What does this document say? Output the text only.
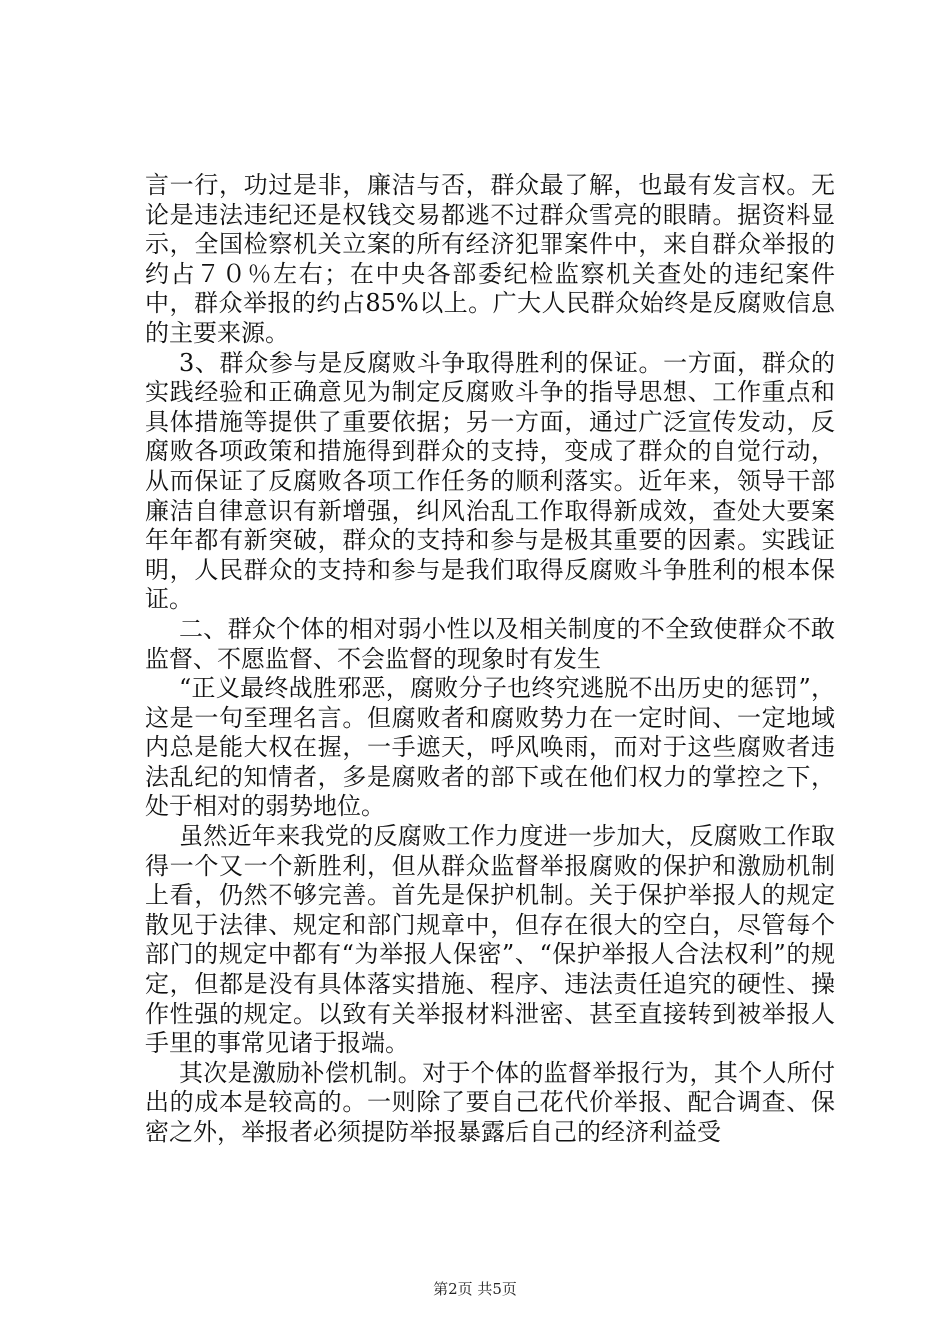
言一行，功过是非，廉洁与否，群众最了解，也最有发言权。无论是违法违纪还是权钱交易都逃不过群众雪亮的眼睛。据资料显示，全国检察机关立案的所有经济犯罪案件中，来自群众举报的约占７０％左右；在中央各部委纪检监察机关查处的违纪案件中，群众举报的约占85%以上。广大人民群众始终是反腐败信息的主要来源。

3、群众参与是反腐败斗争取得胜利的保证。一方面，群众的实践经验和正确意见为制定反腐败斗争的指导思想、工作重点和具体措施等提供了重要依据；另一方面，通过广泛宣传发动，反腐败各项政策和措施得到群众的支持，变成了群众的自觉行动，从而保证了反腐败各项工作任务的顺利落实。近年来，领导干部廉洁自律意识有新增强，纠风治乱工作取得新成效，查处大要案年年都有新突破，群众的支持和参与是极其重要的因素。实践证明，人民群众的支持和参与是我们取得反腐败斗争胜利的根本保证。

二、群众个体的相对弱小性以及相关制度的不全致使群众不敢监督、不愿监督、不会监督的现象时有发生

“正义最终战胜邪恶，腐败分子也终究逃脱不出历史的惩罚”，这是一句至理名言。但腐败者和腐败势力在一定时间、一定地域内总是能大权在握，一手遮天，呼风唤雨，而对于这些腐败者违法乱纪的知情者，多是腐败者的部下或在他们权力的掌控之下，处于相对的弱势地位。

虽然近年来我党的反腐败工作力度进一步加大，反腐败工作取得一个又一个新胜利，但从群众监督举报腐败的保护和激励机制上看，仍然不够完善。首先是保护机制。关于保护举报人的规定散见于法律、规定和部门规章中，但存在很大的空白，尽管每个部门的规定中都有“为举报人保密”、“保护举报人合法权利”的规定，但都是没有具体落实措施、程序、违法责任追究的硬性、操作性强的规定。以致有关举报材料泄密、甚至直接转到被举报人手里的事常见诸于报端。

其次是激励补偿机制。对于个体的监督举报行为，其个人所付出的成本是较高的。一则除了要自己花代价举报、配合调查、保密之外，举报者必须提防举报暴露后自己的经济利益受

第2页 共5页
